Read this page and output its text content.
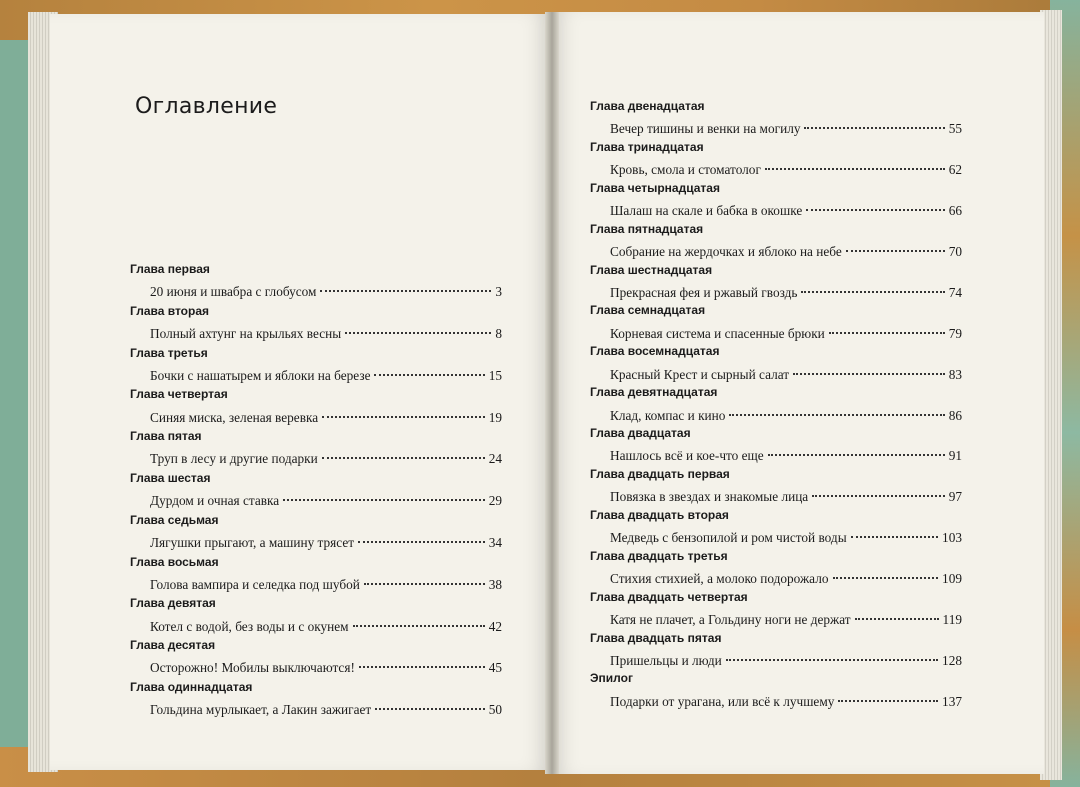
Оглавление
Глава первая
20 июня и швабра с глобусом	3
Глава вторая
Полный ахтунг на крыльях весны	8
Глава третья
Бочки с нашатырем и яблоки на березе	15
Глава четвертая
Синяя миска, зеленая веревка	19
Глава пятая
Труп в лесу и другие подарки	24
Глава шестая
Дурдом и очная ставка	29
Глава седьмая
Лягушки прыгают, а машину трясет	34
Глава восьмая
Голова вампира и селедка под шубой	38
Глава девятая
Котел с водой, без воды и с окунем	42
Глава десятая
Осторожно! Мобилы выключаются!	45
Глава одиннадцатая
Гольдина мурлыкает, а Лакин зажигает	50
Глава двенадцатая
Вечер тишины и венки на могилу	55
Глава тринадцатая
Кровь, смола и стоматолог	62
Глава четырнадцатая
Шалаш на скале и бабка в окошке	66
Глава пятнадцатая
Собрание на жердочках и яблоко на небе	70
Глава шестнадцатая
Прекрасная фея и ржавый гвоздь	74
Глава семнадцатая
Корневая система и спасенные брюки	79
Глава восемнадцатая
Красный Крест и сырный салат	83
Глава девятнадцатая
Клад, компас и кино	86
Глава двадцатая
Нашлось всё и кое-что еще	91
Глава двадцать первая
Повязка в звездах и знакомые лица	97
Глава двадцать вторая
Медведь с бензопилой и ром чистой воды	103
Глава двадцать третья
Стихия стихией, а молоко подорожало	109
Глава двадцать четвертая
Катя не плачет, а Гольдину ноги не держат	119
Глава двадцать пятая
Пришельцы и люди	128
Эпилог
Подарки от урагана, или всё к лучшему	137
